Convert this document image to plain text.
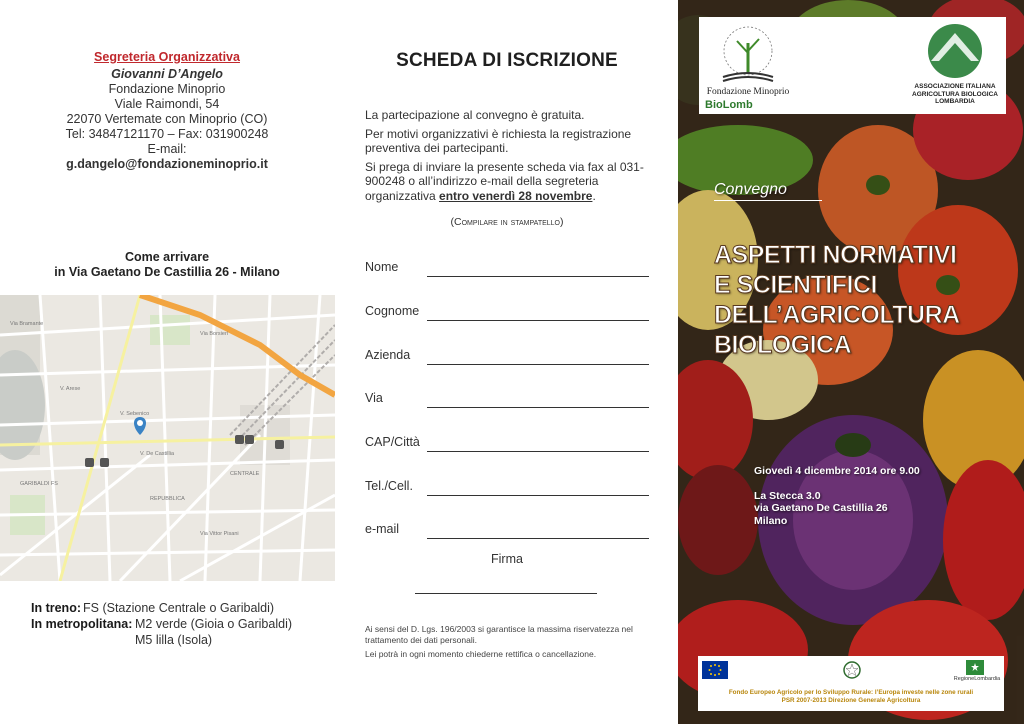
Segreteria Organizzativa
Giovanni D’Angelo
Fondazione Minoprio
Viale Raimondi, 54
22070 Vertemate con Minoprio (CO)
Tel: 34847121170 – Fax: 031900248
E-mail:
g.dangelo@fondazioneminoprio.it
Come arrivare
in Via Gaetano De Castillia 26 - Milano
Via Bramante
Via Borsieri
V. Arese
V. Sebenico
V. De Castillia
GARIBALDI FS
REPUBBLICA
Via Vittor Pisani
CENTRALE
In treno: FS (Stazione Centrale o Garibaldi)
In metropolitana: M2 verde (Gioia o Garibaldi)
M5 lilla (Isola)
SCHEDA DI ISCRIZIONE

La partecipazione al convegno è gratuita.

Per motivi organizzativi è richiesta la registrazione preventiva dei partecipanti.

Si prega di inviare la presente scheda via fax al 031-900248 o all’indirizzo e-mail della segreteria organizzativa entro venerdì 28 novembre.

(Compilare in stampatello)
Nome
Cognome
Azienda
Via
CAP/Città
Tel./Cell.
e-mail
Firma

Ai sensi del D. Lgs. 196/2003 si garantisce la massima riservatezza nel trattamento dei dati personali.

Lei potrà in ogni momento chiederne rettifica o cancellazione.

Fondazione Minoprio
BioLomb
ASSOCIAZIONE ITALIANA AGRICOLTURA BIOLOGICA LOMBARDIA
Convegno
ASPETTI NORMATIVI
E SCIENTIFICI
DELL’AGRICOLTURA
BIOLOGICA
Giovedì 4 dicembre 2014 ore 9.00
La Stecca 3.0
via Gaetano De Castillia 26
Milano
RegioneLombardia
Fondo Europeo Agricolo per lo Sviluppo Rurale: l’Europa investe nelle zone rurali
PSR 2007-2013 Direzione Generale Agricoltura
